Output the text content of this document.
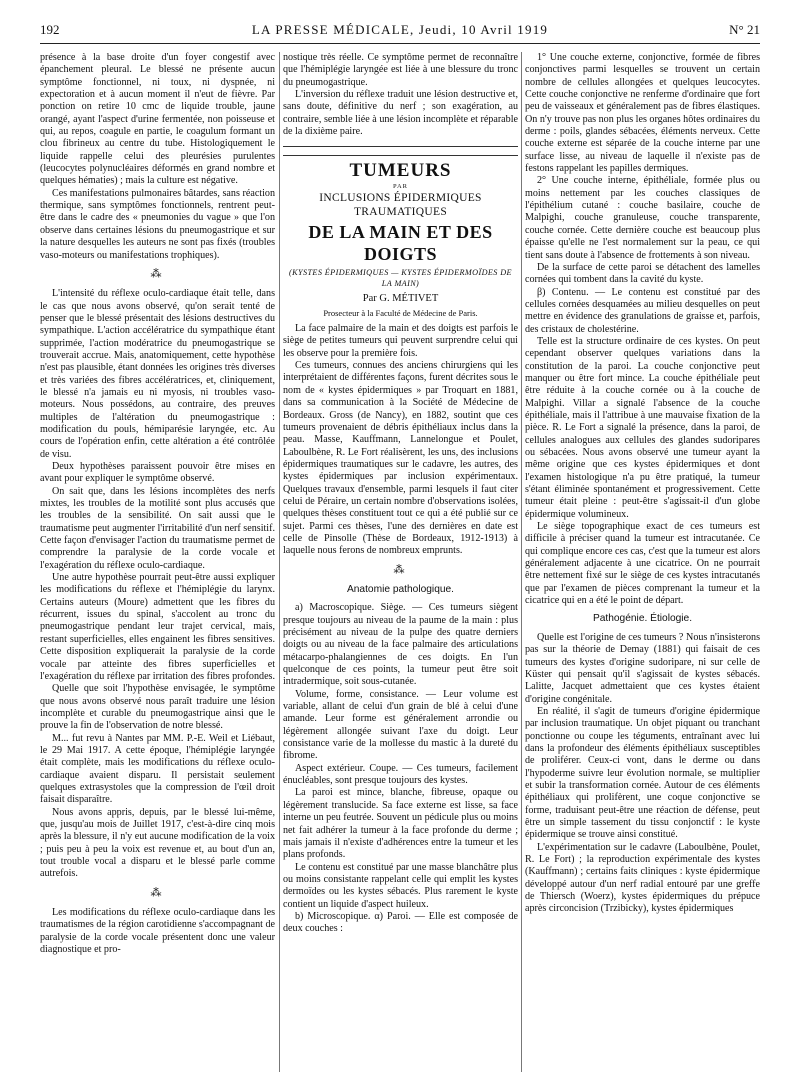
192	LA PRESSE MÉDICALE, Jeudi, 10 Avril 1919	N° 21

présence à la base droite d'un foyer congestif avec épanchement pleural. Le blessé ne présente aucun symptôme fonctionnel, ni toux, ni dyspnée, ni expectoration et à aucun moment il n'eut de fièvre. Par ponction on retire 10 cmc de liquide trouble, jaune orangé, ayant l'aspect d'urine fermentée, non poisseuse et qui, au repos, coagule en partie, le coagulum formant un clou fibrineux au centre du tube. Histologiquement le liquide rappelle celui des pleurésies purulentes (leucocytes polynucléaires déformés en grand nombre et quelques hématies) ; mais la culture est négative.

Ces manifestations pulmonaires bâtardes, sans réaction thermique, sans symptômes fonctionnels, rentrent peut-être dans le cadre des « pneumonies du vague » que l'on observe dans certaines lésions du pneumogastrique et sur la nature desquelles les auteurs ne sont pas fixés (troubles vaso-moteurs ou manifestations trophiques).

⁂

L'intensité du réflexe oculo-cardiaque était telle, dans le cas que nous avons observé, qu'on serait tenté de penser que le blessé présentait des lésions destructives du sympathique. L'action accélératrice du sympathique étant supprimée, l'action modératrice du pneumogastrique se trouverait accrue. Mais, anatomiquement, cette hypothèse n'est pas plausible, étant données les origines très diverses et très variées des fibres accélératrices, et, cliniquement, le blessé n'a jamais eu ni myosis, ni troubles vaso-moteurs. Nous possédons, au contraire, des preuves multiples de l'altération du pneumogastrique : modification du pouls, hémiparésie laryngée, etc. Au cours de l'opération enfin, cette altération a été contrôlée de visu.

Deux hypothèses paraissent pouvoir être mises en avant pour expliquer le symptôme observé.

On sait que, dans les lésions incomplètes des nerfs mixtes, les troubles de la motilité sont plus accusés que les troubles de la sensibilité. On sait aussi que le traumatisme peut augmenter l'irritabilité d'un nerf sensitif. Cette façon d'envisager l'action du traumatisme permet de comprendre la paralysie de la corde vocale et l'exagération du réflexe oculo-cardiaque.

Une autre hypothèse pourrait peut-être aussi expliquer les modifications du réflexe et l'hémiplégie du larynx. Certains auteurs (Moure) admettent que les fibres du récurrent, issues du spinal, s'accolent au tronc du pneumogastrique pendant leur trajet cervical, mais, restant superficielles, elles engainent les fibres sensitives. Cette disposition expliquerait la paralysie de la corde vocale par atteinte des fibres superficielles et l'exagération du réflexe par irritation des fibres profondes.

Quelle que soit l'hypothèse envisagée, le symptôme que nous avons observé nous paraît traduire une lésion incomplète et curable du pneumogastrique ainsi que le prouve la fin de l'observation de notre blessé.

M... fut revu à Nantes par MM. P.-E. Weil et Liébaut, le 29 Mai 1917. A cette époque, l'hémiplégie laryngée était complète, mais les modifications du réflexe oculo-cardiaque avaient disparu. Il persistait seulement quelques extrasystoles que la compression de l'œil droit faisait disparaître.

Nous avons appris, depuis, par le blessé lui-même, que, jusqu'au mois de Juillet 1917, c'est-à-dire cinq mois après la blessure, il n'y eut aucune modification de la voix ; puis peu à peu la voix est revenue et, au bout d'un an, tout trouble vocal a disparu et le blessé parle comme autrefois.

⁂

Les modifications du réflexe oculo-cardiaque dans les traumatismes de la région carotidienne s'accompagnant de paralysie de la corde vocale présentent donc une valeur diagnostique et pro-

nostique très réelle. Ce symptôme permet de reconnaître que l'hémiplégie laryngée est liée à une blessure du tronc du pneumogastrique.

L'inversion du réflexe traduit une lésion destructive et, sans doute, définitive du nerf ; son exagération, au contraire, semble liée à une lésion incomplète et réparable de la dixième paire.

TUMEURS
PAR
INCLUSIONS ÉPIDERMIQUES TRAUMATIQUES
DE LA MAIN ET DES DOIGTS
(KYSTES ÉPIDERMIQUES — KYSTES ÉPIDERMOÏDES DE LA MAIN)
Par G. MÉTIVET
Prosecteur à la Faculté de Médecine de Paris.

La face palmaire de la main et des doigts est parfois le siège de petites tumeurs qui peuvent surprendre celui qui les observe pour la première fois.

Ces tumeurs, connues des anciens chirurgiens qui les interprétaient de différentes façons, furent décrites sous le nom de « kystes épidermiques » par Troquart en 1881, dans sa communication à la Société de Médecine de Bordeaux. Gross (de Nancy), en 1882, soutint que ces tumeurs provenaient de débris épithéliaux inclus dans la peau. Masse, Kauffmann, Lannelongue et Poulet, Laboulbène, R. Le Fort réalisèrent, les uns, des inclusions épidermiques traumatiques sur le cadavre, les autres, des kystes épidermiques par inclusion expérimentaux. Quelques travaux d'ensemble, parmi lesquels il faut citer celui de Péraire, un certain nombre d'observations isolées, quelques thèses constituent tout ce qui a été publié sur ce sujet. Parmi ces thèses, l'une des dernières en date est celle de Pinsolle (Thèse de Bordeaux, 1912-1913) à laquelle nous ferons de nombreux emprunts.

⁂
Anatomie pathologique.

a) Macroscopique. Siège. — Ces tumeurs siègent presque toujours au niveau de la paume de la main : plus précisément au niveau de la pulpe des quatre derniers doigts ou au niveau de la face palmaire des articulations métacarpo-phalangiennes de ces doigts. En l'un quelconque de ces points, la tumeur peut être soit intradermique, soit sous-cutanée.

Volume, forme, consistance. — Leur volume est variable, allant de celui d'un grain de blé à celui d'une amande. Leur forme est généralement arrondie ou légèrement allongée suivant l'axe du doigt. Leur consistance varie de la mollesse du mastic à la dureté du fibrome.

Aspect extérieur. Coupe. — Ces tumeurs, facilement énucléables, sont presque toujours des kystes.

La paroi est mince, blanche, fibreuse, opaque ou légèrement translucide. Sa face externe est lisse, sa face interne un peu feutrée. Souvent un pédicule plus ou moins net fait adhérer la tumeur à la face profonde du derme ; mais jamais il n'existe d'adhérences entre la tumeur et les plans profonds.

Le contenu est constitué par une masse blanchâtre plus ou moins consistante rappelant celle qui emplit les kystes dermoïdes ou les kystes sébacés. Plus rarement le kyste contient un liquide d'aspect huileux.

b) Microscopique. α) Paroi. — Elle est composée de deux couches :

1° Une couche externe, conjonctive, formée de fibres conjonctives parmi lesquelles se trouvent un certain nombre de cellules allongées et quelques leucocytes. Cette couche conjonctive ne renferme d'ordinaire que fort peu de vaisseaux et généralement pas de fibres élastiques. On n'y trouve pas non plus les organes hôtes ordinaires du derme : poils, glandes sébacées, éléments nerveux. Cette couche externe est séparée de la couche interne par une surface lisse, au niveau de laquelle il n'existe pas de festons rappelant les papilles dermiques.

2° Une couche interne, épithéliale, formée plus ou moins nettement par les couches classiques de l'épithélium cutané : couche basilaire, couche de Malpighi, couche granuleuse, couche transparente, couche cornée. Cette dernière couche est beaucoup plus épaisse qu'elle ne l'est normalement sur la peau, ce qui tient sans doute à l'absence de frottements à son niveau.

De la surface de cette paroi se détachent des lamelles cornées qui tombent dans la cavité du kyste.

β) Contenu. — Le contenu est constitué par des cellules cornées desquamées au milieu desquelles on peut mettre en évidence des granulations de graisse et, parfois, des cristaux de cholestérine.

Telle est la structure ordinaire de ces kystes. On peut cependant observer quelques variations dans la constitution de la paroi. La couche conjonctive peut manquer ou être fort mince. La couche épithéliale peut être réduite à la couche cornée ou à la couche de Malpighi. Villar a signalé l'absence de la couche épithéliale, mais il l'attribue à une mauvaise fixation de la pièce. R. Le Fort a signalé la présence, dans la paroi, de cellules analogues aux cellules des glandes sudoripares ou sébacées. Nous avons observé une tumeur ayant la même origine que ces kystes épidermiques et dont l'examen histologique n'a pu être pratiqué, la tumeur s'étant éliminée spontanément et progressivement. Cette tumeur était pleine : peut-être s'agissait-il d'un globe épidermique volumineux.

Le siège topographique exact de ces tumeurs est difficile à préciser quand la tumeur est intracutanée. Ce qui complique encore ces cas, c'est que la tumeur est alors généralement adjacente à une cicatrice. On ne pourrait être nettement fixé sur le siège de ces kystes intracutanés que par l'examen de pièces comprenant la tumeur et la cicatrice qui en a été le point de départ.

Pathogénie. Étiologie.

Quelle est l'origine de ces tumeurs ? Nous n'insisterons pas sur la théorie de Demay (1881) qui faisait de ces tumeurs des kystes d'origine sudoripare, ni sur celle de Küster qui pensait qu'il s'agissait de kystes sébacés. Lalitte, Jacquet admettaient que ces kystes étaient d'origine congénitale.

En réalité, il s'agit de tumeurs d'origine épidermique par inclusion traumatique. Un objet piquant ou tranchant ponctionne ou coupe les téguments, entraînant avec lui dans la profondeur des éléments épithéliaux susceptibles de proliférer. Ceux-ci vont, dans le derme ou dans l'hypoderme suivre leur évolution normale, se multiplier et subir la transformation cornée. Autour de ces éléments épithéliaux qui prolifèrent, une coque conjonctive se forme, traduisant peut-être une réaction de défense, peut être un simple tassement du tissu conjonctif : le kyste épidermique se trouve ainsi constitué.

L'expérimentation sur le cadavre (Laboulbène, Poulet, R. Le Fort) ; la reproduction expérimentale des kystes (Kauffmann) ; certains faits cliniques : kyste épidermique développé autour d'un nerf radial entouré par une greffe de Thiersch (Woerz), kystes épidermiques du prépuce après circoncision (Trzibicky), kystes épidermiques
